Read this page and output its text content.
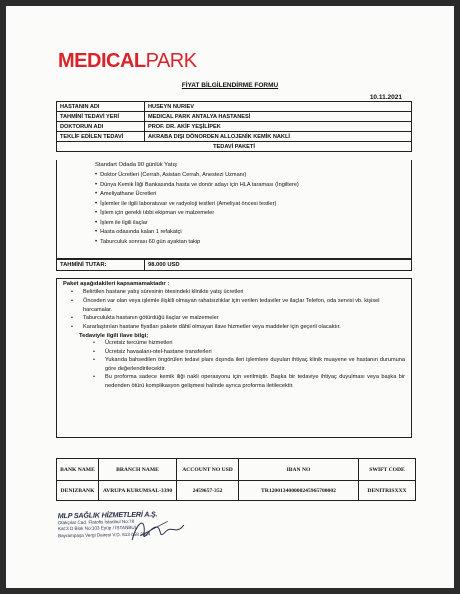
MEDICALPARK
FİYAT BİLGİLENDİRME FORMU
10.11.2021
HASTANIN ADI	HUSEYN NURIEV
TAHMİNİ TEDAVİ YERİ	MEDICAL PARK ANTALYA HASTANESİ
DOKTORUN ADI	PROF. DR. AKİF YEŞİLİPEK
TEKLİF EDİLEN TEDAVİ	AKRABA DIŞI DÖNORDEN ALLOJENİK KEMİK NAKLİ
TEDAVİ PAKETİ	
Standart Odada 90 günlük Yatış
• Doktor Ücretleri (Cerrah, Asistan Cerrah, Anestezi Uzmanı)
• Dünya Kemik İliği Bankasında hasta ve donör adayı için HLA taraması (İngiltere)
• Ameliyathane Ücretleri
• İşlemler ile ilgili laboratuvar ve radyoloji testleri (Ameliyat öncesi testler)
• İşlem için gerekli tıbbi ekipman ve malzemeler
• İşlem ile ilgili ilaçlar
• Hasta odasında kalan 1 refakatçi
• Taburculuk sonrası 60 gün ayaktan takip
TAHMİNİ TUTAR:	98.000 USD
Paket aşağıdakileri kapsamamaktadır :
• Belirtilen hastane yatış süresinin ötesindeki klinikte yatış ücretleri
• Önceden var olan veya işlemle ilişkili olmayan rahatsızlıklar için verilen tedaviler ve ilaçlar Telefon, oda servisi vb. kişisel harcamalar.
• Taburculukta hastanın götürdüğü ilaçlar ve malzemeler
• Kararlaştırılan hastane fiyatları pakete dâhil olmayan ilave hizmetler veya maddeler için geçerli olacaktır.
Tedaviyle ilgili ilave bilgi;
• Ücretsiz tercüme hizmetleri
• Ücretsiz havaalanı-otel-hastane transferleri
• Yukarıda bahsedilen öngörülen tedavi planı dışında ileri işlemlere duyulan ihtiyaç klinik muayene ve hastanın durumuna göre değerlendirilecektir.
• Bu proforma sadece kemik iliği nakli operasyonu için verilmiştir. Başka bir tedaviye ihtiyaç duyulması veya başka bir nedenden ötürü komplikasyon gelişmesi halinde ayrıca proforma iletilecektir.
BANK NAME	BRANCH NAME	ACCOUNT NO USD	IBAN NO	SWIFT CODE
DENIZBANK	AVRUPA KURUMSAL-3390	2459657-352	TR120013400000245965700002	DENITRISXXX
MLP SAĞLIK HİZMETLERİ A.Ş.
Otakçılar Cad. Flatofis İstanbul No:78
Kat:3 D Blok No:103 Eyüp / İSTANBUL
Bayrampaşa Vergi Dairesi V.D. 613 058 2094
